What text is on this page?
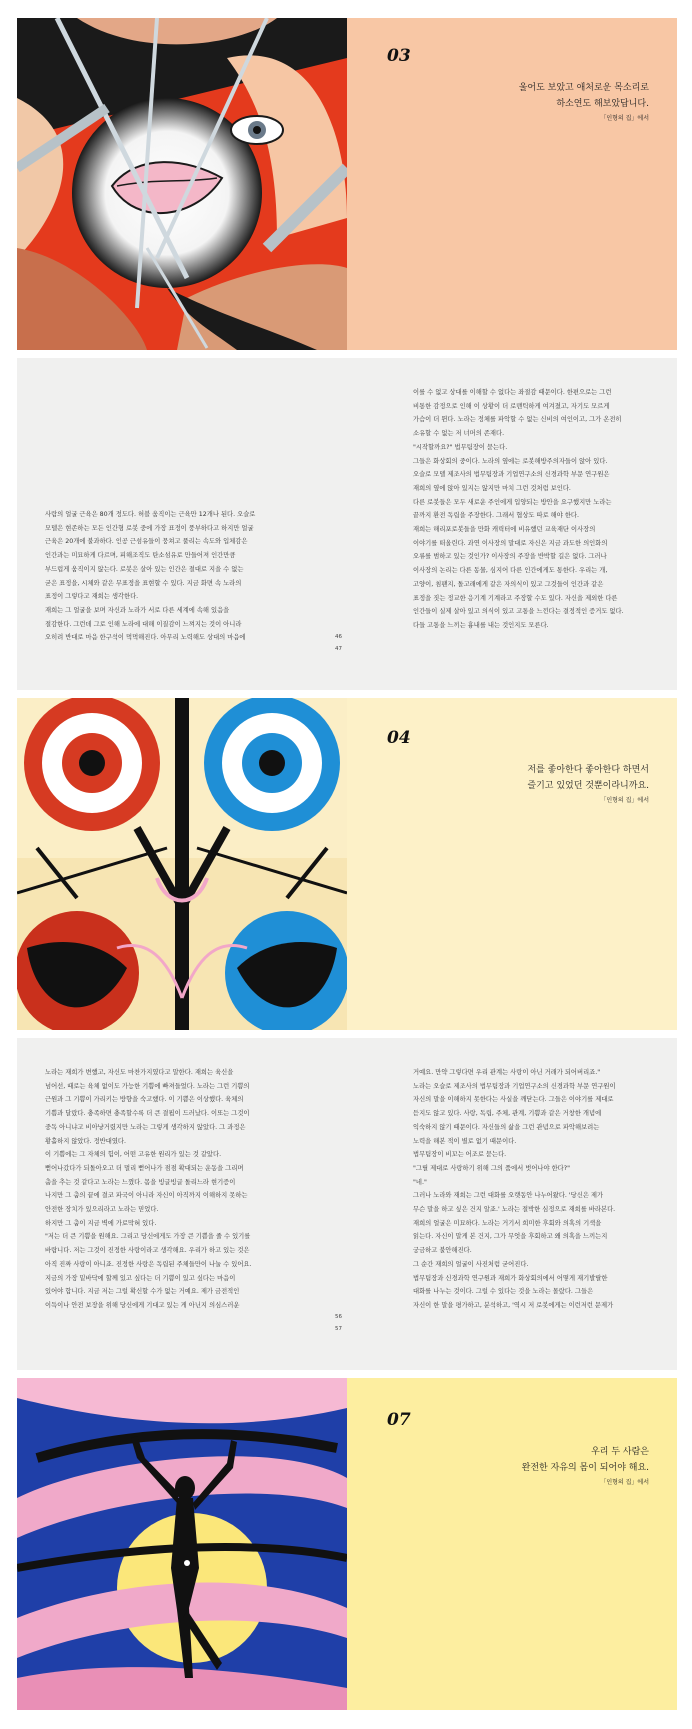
03
울어도 보았고 애처로운 목소리로
하소연도 해보았답니다.
「인형의 집」에서

사람의 얼굴 근육은 80개 정도다. 허블 움직이는 근육만 12개나 된다. 오슬로

모델은 현존하는 모든 인간형 로봇 중에 가장 표정이 풍부하다고 하지만 얼굴

근육은 20개에 불과하다. 인공 근섬유들이 뭉쳐고 풀리는 속도와 입체감은

인간과는 미묘하게 다르며, 피해조직도 탄소섬유로 만들어져 인간만큼

부드럽게 움직이지 않는다. 로봇은 살아 있는 인간은 절대로 지을 수 없는

굳은 표정을, 시체와 같은 무표정을 표현할 수 있다. 지금 화면 속 노라의

표정이 그렇다고 재희는 생각한다.

재희는 그 얼굴을 보며 자신과 노라가 서로 다른 세계에 속해 있음을

절감한다. 그런데 그로 인해 노라에 대해 이질감이 느껴지는 것이 아니라

오히려 반대로 마음 한구석이 먹먹해진다. 아무리 노력해도 상대의 마음에	46
47

이를 수 없고 상대를 이해할 수 없다는 좌절감 때문이다. 한편으로는 그런

비통한 감정으로 인해 이 상황이 더 로맨틱하게 여겨졌고, 자기도 모르게

가슴이 더 뛴다. 노라는 정체를 파악할 수 없는 신비의 여인이고, 그가 온전히

소유할 수 없는 저 너머의 존재다.

"시작할까요?" 법무팀장이 묻는다.

그들은 화상회의 중이다. 노라의 옆에는 로봇해방주의자들이 앉아 있다.

오슬로 모델 제조사의 법무팀장과 기업연구소의 신경과학 부문 연구원은

재희의 옆에 앉아 있지는 않지만 마치 그런 것처럼 보인다.

다른 로봇들은 모두 새로운 주인에게 입양되는 방안을 요구했지만 노라는

끝까지 환전 독립을 주장한다. 그래서 협상도 따로 해야 한다.

재희는 해리포로봇들을 만화 캐릭터에 비유했던 교육재단 이사장의

이야기를 떠올린다. 과연 이사장의 말대로 자신은 지금 과도한 의인화의

오류를 범하고 있는 것인가? 이사장의 주장을 반박할 길은 없다. 그러나

이사장의 논리는 다른 동물, 심지어 다른 인간에게도 통한다. 우리는 개,

고양이, 침팬지, 돌고래에게 같은 자의식이 있고 그것들이 인간과 같은

표정을 짓는 정교한 응기계 기계라고 주장할 수도 있다. 자신을 제외한 다른

인간들이 실제 살아 있고 의식이 있고 고통을 느낀다는 결정적인 증거도 없다.

다들 고통을 느끼는 흉내를 내는 것인지도 모른다.

04
저를 좋아한다 좋아한다 하면서
즐기고 있었던 것뿐이라니까요.
「인형의 집」에서

노라는 재희가 변했고, 자신도 마찬가지였다고 말한다. 재희는 육신을

넘어선, 때로는 육체 없이도 가능한 기쁨에 빠져들었다. 노라는 그런 기쁨의

근원과 그 기쁨이 가리키는 방향을 숙고했다. 이 기쁨은 이상했다. 육체의

기쁨과 달랐다. 충족하면 충족할수록 더 큰 결핍이 드러났다. 이또는 그것이

중독 아니냐고 비아냥거렸지만 노라는 그렇게 생각하지 않았다. 그 과정은

황홀하지 않았다. 정반대였다.

이 기쁨에는 그 자체의 힘이, 어떤 고유한 원리가 있는 것 같았다.

뻗어나갔다가 되돌아오고 더 멀리 뻗어나가 점점 확대되는 운동을 그리며

춤을 추는 것 같다고 노라는 느꼈다. 몸을 빙글빙글 돌리느라 현기증이

나지만 그 춤의 끝에 결코 파국이 아니라 자신이 아직까지 이해하지 못하는

안전한 장치가 있으리라고 노라는 믿었다.

하지만 그 춤이 지금 벽에 가로막혀 있다.

"저는 더 큰 기쁨을 원해요. 그리고 당신에게도 가장 큰 기쁨을 줄 수 있기를

바랍니다. 저는 그것이 진정한 사랑이라고 생각해요. 우리가 하고 있는 것은

아직 진짜 사랑이 아니죠. 진정한 사랑은 독립된 주체들만이 나눌 수 있어요.

지금의 가장 밑바닥에 할께 있고 싶다는 더 기쁨이 있고 싶다는 마음이

있어야 합니다. 지금 저는 그럴 확신할 수가 없는 거예요. 제가 금전적인

이득이나 안전 보장을 위해 당신에게 기대고 있는 게 아닌지 의심스러운

56
57

거예요. 만약 그렇다면 우리 관계는 사랑이 아닌 거래가 되어버리죠."

노라는 오슬로 제조사의 법무팀장과 기업연구소의 신경과학 부문 연구원이

자신의 말을 이해하지 못한다는 사실을 깨닫는다. 그들은 이야기를 제대로

듣지도 않고 있다. 사랑, 독립, 주체, 관계, 기쁨과 같은 거창한 개념에

익숙하지 않기 때문이다. 자신들의 삶을 그런 관념으로 파악해보려는

노력을 해본 적이 별로 없기 때문이다.

법무팀장이 비꼬는 어조로 묻는다.

"그릴 제대로 사랑하기 위해 그의 품에서 벗어나야 한다?"

"네."

그러나 노라와 재희는 그런 대화를 오랫동안 나누어왔다. '당신은 제가

무슨 말을 하고 싶은 건지 알죠.' 노라는 절박한 심정으로 재희를 바라본다.

재희의 얼굴은 미묘하다. 노라는 거기서 희미한 후회와 의혹의 기색을

읽는다. 자신이 말게 본 건지, 그가 무엇을 후회하고 왜 의혹을 느끼는지

궁금하고 불안해진다.

그 순간 재희의 얼굴이 사진처럼 굳어진다.

법무팀장과 신경과학 연구원과 재희가 화상회의에서 어떻게 재기발랄한

대화를 나누는 것이다. 그럴 수 있다는 것을 노라는 몰랐다. 그들은

자신이 한 말을 평가하고, 분석하고, '역시 저 로봇에게는 이런저런 문제가

07
우리 두 사람은
완전한 자유의 몸이 되어야 해요.
「인형의 집」에서
